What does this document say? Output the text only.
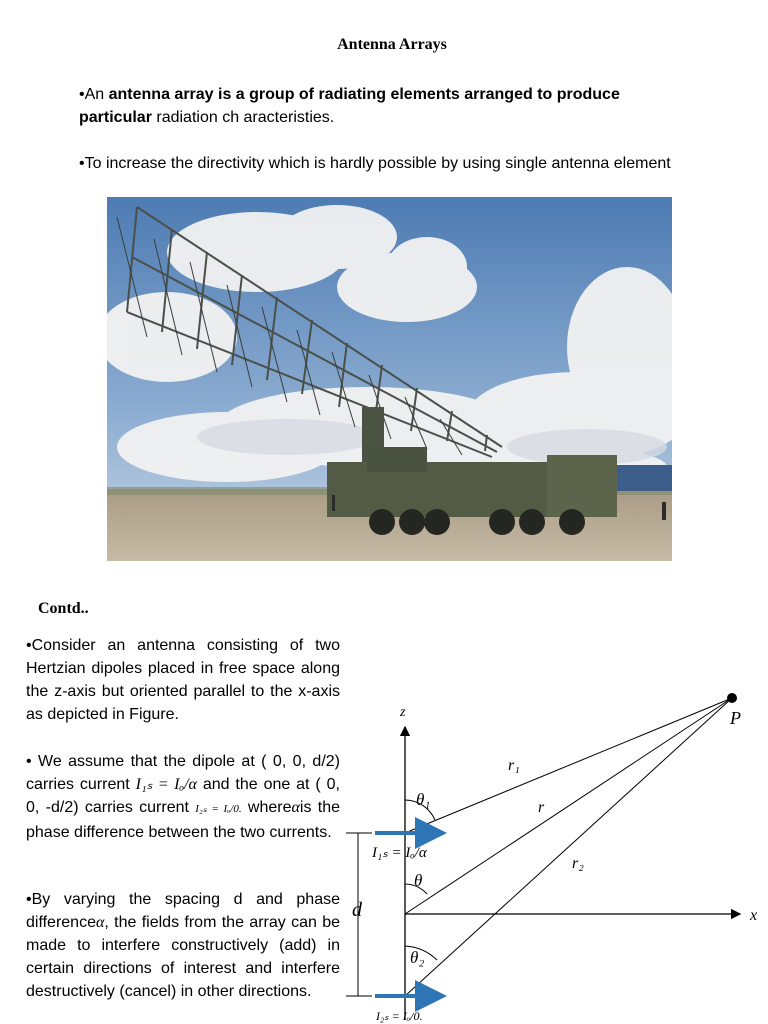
Antenna Arrays
•An antenna array is a group of radiating elements arranged to produce particular radiation ch aracteristies.
•To increase the directivity which is hardly possible by using single antenna element
Contd..
•Consider an antenna consisting of two Hertzian dipoles placed in free space along the z-axis but oriented parallel to the x-axis as depicted in Figure.
• We assume that the dipole at ( 0, 0, d/2) carries current I₁ₛ = Iₒ/α and the one at ( 0, 0, -d/2) carries current I₂ₛ = Iₒ/0. whereαis the phase difference between the two currents.
•By varying the spacing d and phase differenceα, the fields from the array can be made to interfere constructively (add) in certain directions of interest and interfere destructively (cancel) in other directions.
z
x
P
r₁
r
r₂
θ₁
θ
θ₂
d
I₁ₛ = Iₒ/α
I₂ₛ = Iₒ/0.
